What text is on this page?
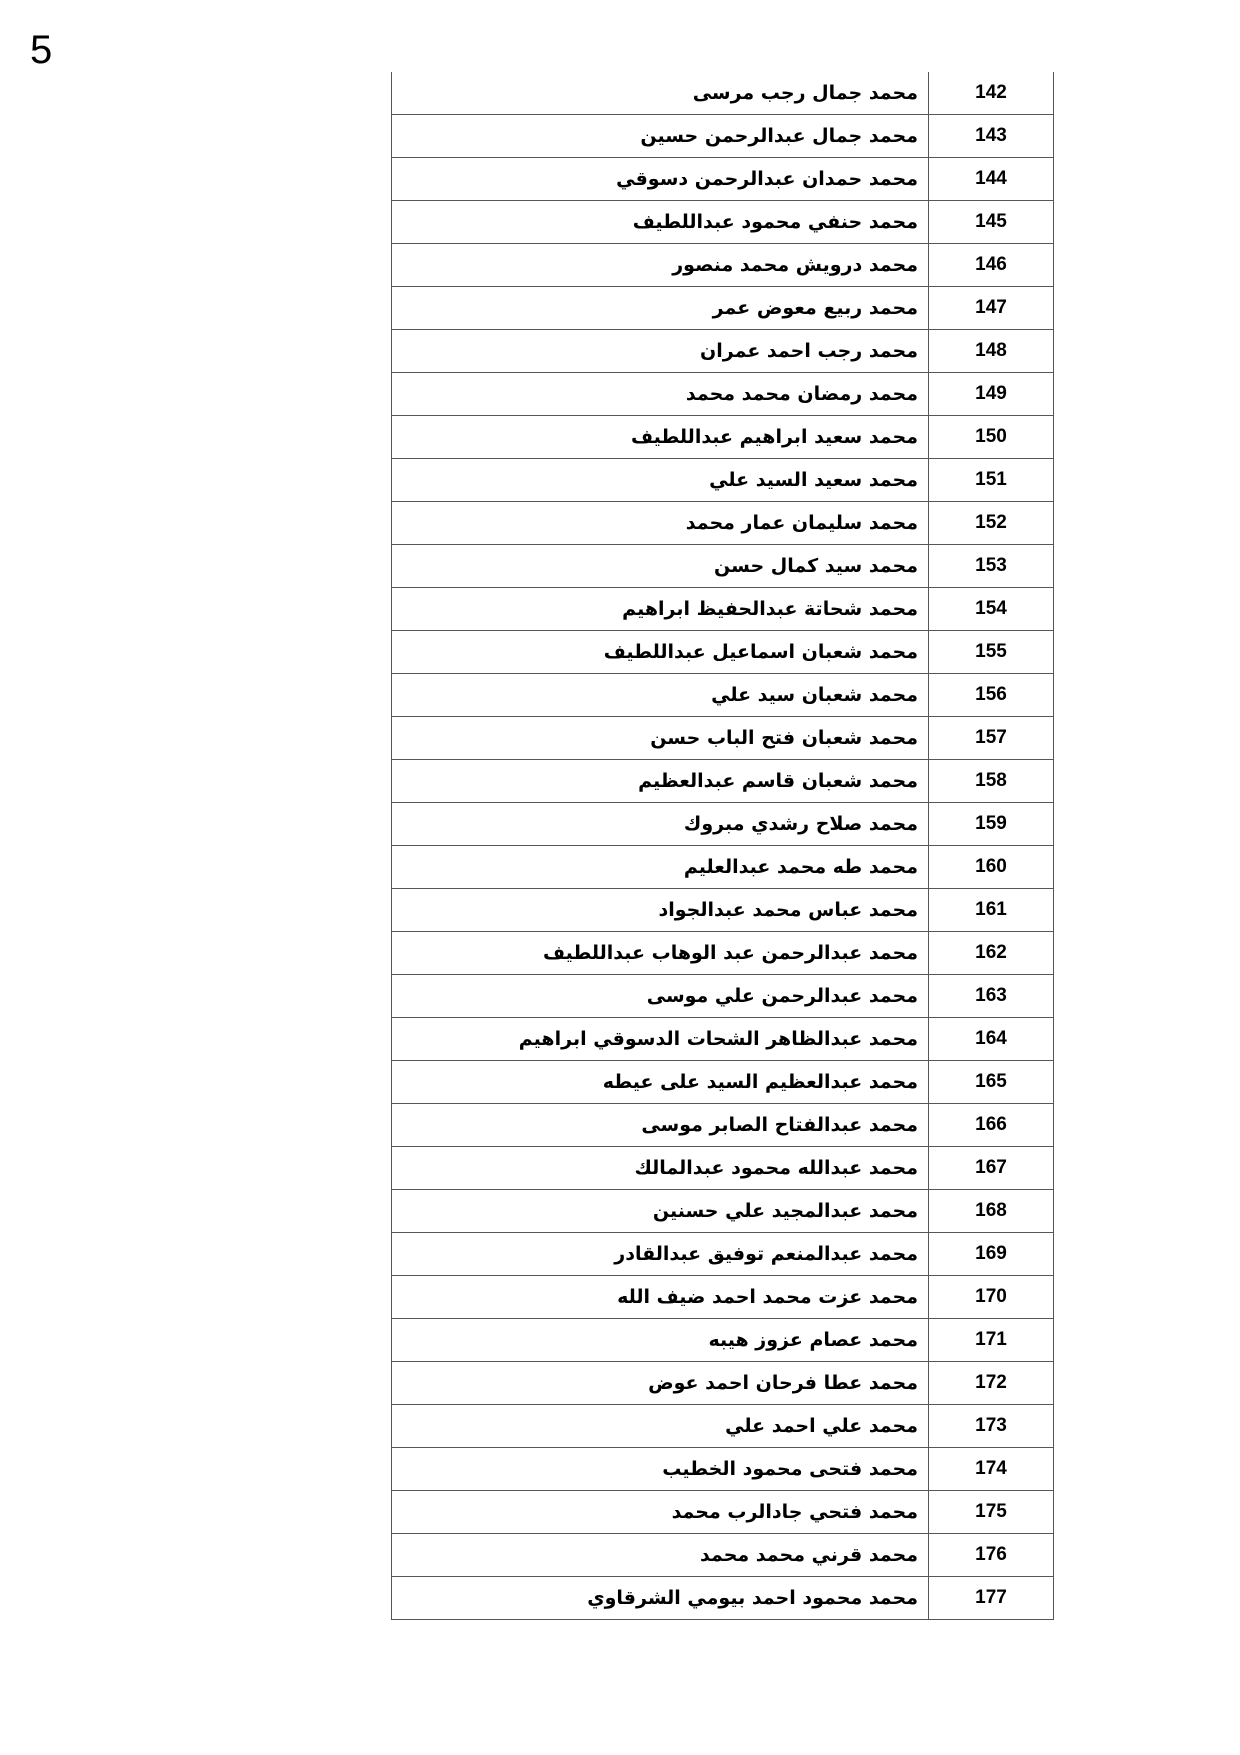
5
142	محمد جمال رجب مرسى
143	محمد جمال عبدالرحمن حسين
144	محمد حمدان عبدالرحمن دسوقي
145	محمد حنفي محمود عبداللطيف
146	محمد درويش محمد منصور
147	محمد ربيع معوض عمر
148	محمد رجب احمد عمران
149	محمد رمضان محمد محمد
150	محمد سعيد ابراهيم عبداللطيف
151	محمد سعيد السيد علي
152	محمد سليمان عمار محمد
153	محمد سيد كمال حسن
154	محمد شحاتة عبدالحفيظ ابراهيم
155	محمد شعبان اسماعيل عبداللطيف
156	محمد شعبان سيد علي
157	محمد شعبان فتح الباب حسن
158	محمد شعبان قاسم عبدالعظيم
159	محمد صلاح رشدي مبروك
160	محمد طه محمد عبدالعليم
161	محمد عباس محمد عبدالجواد
162	محمد عبدالرحمن عبد الوهاب عبداللطيف
163	محمد عبدالرحمن علي موسى
164	محمد عبدالظاهر الشحات الدسوقي ابراهيم
165	محمد عبدالعظيم السيد على عيطه
166	محمد عبدالفتاح الصابر موسى
167	محمد عبدالله محمود عبدالمالك
168	محمد عبدالمجيد علي حسنين
169	محمد عبدالمنعم توفيق عبدالقادر
170	محمد عزت محمد احمد ضيف الله
171	محمد عصام عزوز هيبه
172	محمد عطا فرحان احمد عوض
173	محمد علي احمد علي
174	محمد فتحى محمود الخطيب
175	محمد فتحي جادالرب محمد
176	محمد قرني محمد محمد
177	محمد محمود احمد بيومي الشرقاوي
